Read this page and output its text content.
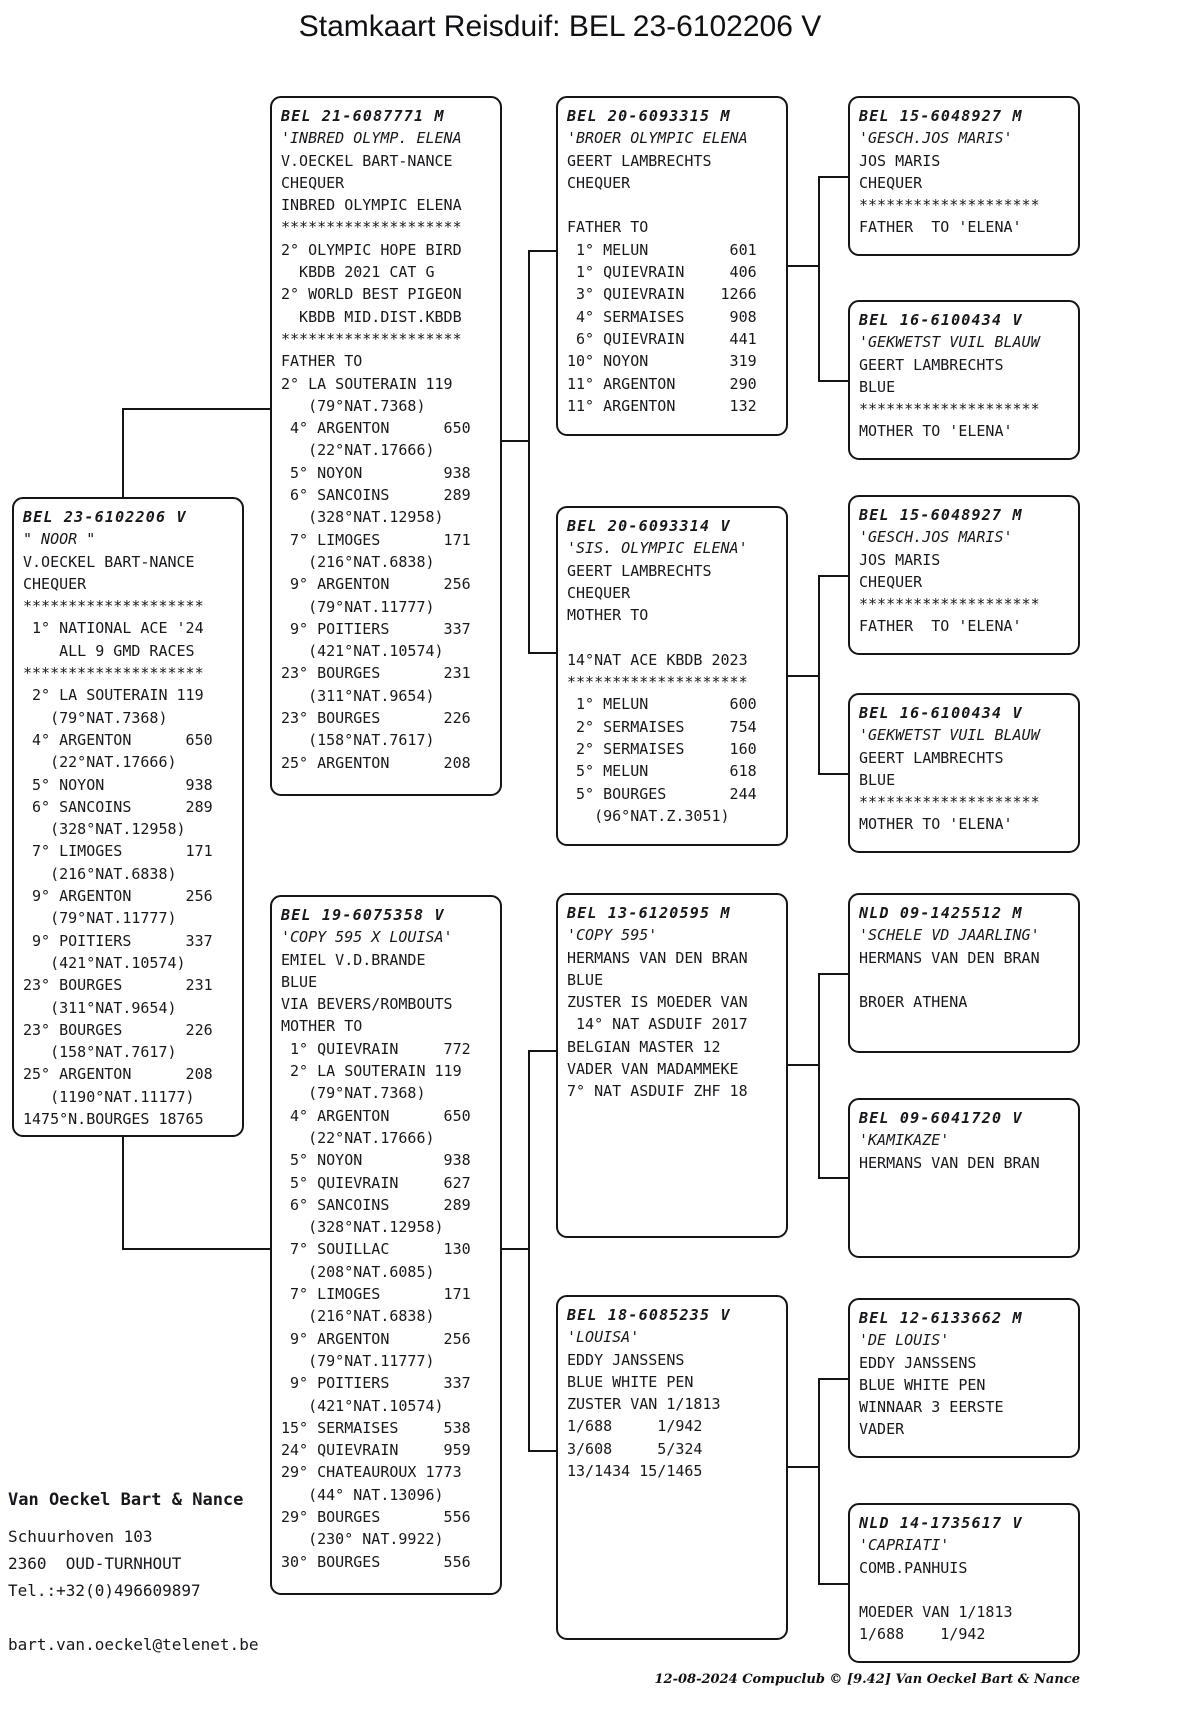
Stamkaart Reisduif: BEL 23-6102206 V
BEL 23-6102206 V
" NOOR "
V.OECKEL BART-NANCE
CHEQUER
********************
1° NATIONAL ACE '24
ALL 9 GMD RACES
********************
2° LA SOUTERAIN 119
(79°NAT.7368)
4° ARGENTON      650
(22°NAT.17666)
5° NOYON         938
6° SANCOINS      289
(328°NAT.12958)
7° LIMOGES       171
(216°NAT.6838)
9° ARGENTON      256
(79°NAT.11777)
9° POITIERS      337
(421°NAT.10574)
23° BOURGES       231
(311°NAT.9654)
23° BOURGES       226
(158°NAT.7617)
25° ARGENTON      208
(1190°NAT.11177)
1475°N.BOURGES 18765
BEL 21-6087771 M
'INBRED OLYMP. ELENA
V.OECKEL BART-NANCE
CHEQUER
INBRED OLYMPIC ELENA
********************
2° OLYMPIC HOPE BIRD
KBDB 2021 CAT G
2° WORLD BEST PIGEON
KBDB MID.DIST.KBDB
********************
FATHER TO
2° LA SOUTERAIN 119
(79°NAT.7368)
4° ARGENTON      650
(22°NAT.17666)
5° NOYON         938
6° SANCOINS      289
(328°NAT.12958)
7° LIMOGES       171
(216°NAT.6838)
9° ARGENTON      256
(79°NAT.11777)
9° POITIERS      337
(421°NAT.10574)
23° BOURGES       231
(311°NAT.9654)
23° BOURGES       226
(158°NAT.7617)
25° ARGENTON      208
BEL 19-6075358 V
'COPY 595 X LOUISA'
EMIEL V.D.BRANDE
BLUE
VIA BEVERS/ROMBOUTS
MOTHER TO
1° QUIEVRAIN     772
2° LA SOUTERAIN 119
(79°NAT.7368)
4° ARGENTON      650
(22°NAT.17666)
5° NOYON         938
5° QUIEVRAIN     627
6° SANCOINS      289
(328°NAT.12958)
7° SOUILLAC      130
(208°NAT.6085)
7° LIMOGES       171
(216°NAT.6838)
9° ARGENTON      256
(79°NAT.11777)
9° POITIERS      337
(421°NAT.10574)
15° SERMAISES     538
24° QUIEVRAIN     959
29° CHATEAUROUX 1773
(44° NAT.13096)
29° BOURGES       556
(230° NAT.9922)
30° BOURGES       556
BEL 20-6093315 M
'BROER OLYMPIC ELENA
GEERT LAMBRECHTS
CHEQUER

FATHER TO
1° MELUN         601
1° QUIEVRAIN     406
3° QUIEVRAIN    1266
4° SERMAISES     908
6° QUIEVRAIN     441
10° NOYON         319
11° ARGENTON      290
11° ARGENTON      132
BEL 20-6093314 V
'SIS. OLYMPIC ELENA'
GEERT LAMBRECHTS
CHEQUER
MOTHER TO

14°NAT ACE KBDB 2023
********************
1° MELUN         600
2° SERMAISES     754
2° SERMAISES     160
5° MELUN         618
5° BOURGES       244
(96°NAT.Z.3051)
BEL 13-6120595 M
'COPY 595'
HERMANS VAN DEN BRAN
BLUE
ZUSTER IS MOEDER VAN
14° NAT ASDUIF 2017
BELGIAN MASTER 12
VADER VAN MADAMMEKE
7° NAT ASDUIF ZHF 18
BEL 18-6085235 V
'LOUISA'
EDDY JANSSENS
BLUE WHITE PEN
ZUSTER VAN 1/1813
1/688     1/942
3/608     5/324
13/1434 15/1465
BEL 15-6048927 M
'GESCH.JOS MARIS'
JOS MARIS
CHEQUER
********************
FATHER  TO 'ELENA'
BEL 16-6100434 V
'GEKWETST VUIL BLAUW
GEERT LAMBRECHTS
BLUE
********************
MOTHER TO 'ELENA'
BEL 15-6048927 M
'GESCH.JOS MARIS'
JOS MARIS
CHEQUER
********************
FATHER  TO 'ELENA'
BEL 16-6100434 V
'GEKWETST VUIL BLAUW
GEERT LAMBRECHTS
BLUE
********************
MOTHER TO 'ELENA'
NLD 09-1425512 M
'SCHELE VD JAARLING'
HERMANS VAN DEN BRAN

BROER ATHENA
BEL 09-6041720 V
'KAMIKAZE'
HERMANS VAN DEN BRAN
BEL 12-6133662 M
'DE LOUIS'
EDDY JANSSENS
BLUE WHITE PEN
WINNAAR 3 EERSTE
VADER
NLD 14-1735617 V
'CAPRIATI'
COMB.PANHUIS

MOEDER VAN 1/1813
1/688    1/942
Van Oeckel Bart & Nance
Schuurhoven 103
2360  OUD-TURNHOUT
Tel.:+32(0)496609897
bart.van.oeckel@telenet.be
12-08-2024 Compuclub © [9.42] Van Oeckel Bart & Nance
